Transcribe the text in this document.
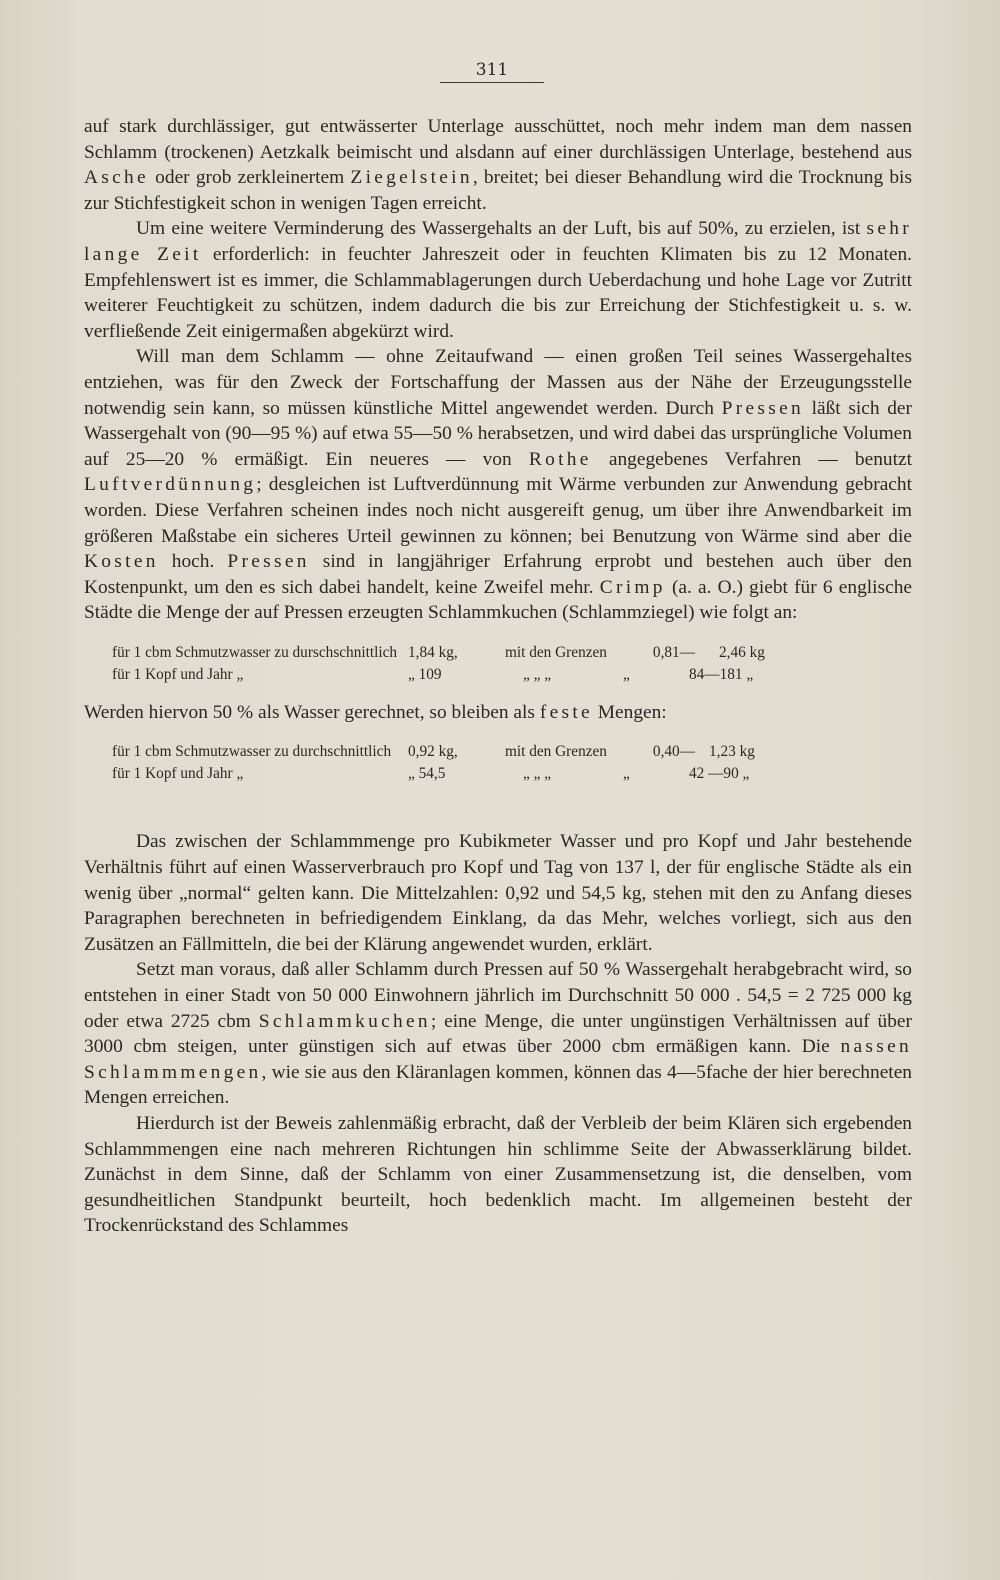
311

auf stark durchlässiger, gut entwässerter Unterlage ausschüttet, noch mehr indem man dem nassen Schlamm (trockenen) Aetzkalk beimischt und alsdann auf einer durchlässigen Unterlage, bestehend aus Asche oder grob zerkleinertem Ziegelstein, breitet; bei dieser Behandlung wird die Trocknung bis zur Stichfestigkeit schon in wenigen Tagen erreicht.

Um eine weitere Verminderung des Wassergehalts an der Luft, bis auf 50%, zu erzielen, ist sehr lange Zeit erforderlich: in feuchter Jahreszeit oder in feuchten Klimaten bis zu 12 Monaten. Empfehlenswert ist es immer, die Schlammablagerungen durch Ueberdachung und hohe Lage vor Zutritt weiterer Feuchtigkeit zu schützen, indem dadurch die bis zur Erreichung der Stichfestigkeit u. s. w. verfließende Zeit einigermaßen abgekürzt wird.

Will man dem Schlamm — ohne Zeitaufwand — einen großen Teil seines Wassergehaltes entziehen, was für den Zweck der Fortschaffung der Massen aus der Nähe der Erzeugungsstelle notwendig sein kann, so müssen künstliche Mittel angewendet werden. Durch Pressen läßt sich der Wassergehalt von (90—95 %) auf etwa 55—50 % herabsetzen, und wird dabei das ursprüngliche Volumen auf 25—20 % ermäßigt. Ein neueres — von Rothe angegebenes Verfahren — benutzt Luftverdünnung; desgleichen ist Luftverdünnung mit Wärme verbunden zur Anwendung gebracht worden. Diese Verfahren scheinen indes noch nicht ausgereift genug, um über ihre Anwendbarkeit im größeren Maßstabe ein sicheres Urteil gewinnen zu können; bei Benutzung von Wärme sind aber die Kosten hoch. Pressen sind in langjähriger Erfahrung erprobt und bestehen auch über den Kostenpunkt, um den es sich dabei handelt, keine Zweifel mehr. Crimp (a. a. O.) giebt für 6 englische Städte die Menge der auf Pressen erzeugten Schlammkuchen (Schlammziegel) wie folgt an:

für 1 cbm Schmutzwasser zu durschschnittlich 1,84 kg,	mit den Grenzen	0,81—	2,46 kg
für 1 Kopf und Jahr „	„ 109	„ „ „	„	84—181 „

Werden hiervon 50 % als Wasser gerechnet, so bleiben als feste Mengen:

für 1 cbm Schmutzwasser zu durchschnittlich	0,92 kg,	mit den Grenzen	0,40— 1,23 kg
für 1 Kopf und Jahr „	„ 54,5	„ „ „	„	42 —90 „

Das zwischen der Schlammmenge pro Kubikmeter Wasser und pro Kopf und Jahr bestehende Verhältnis führt auf einen Wasserverbrauch pro Kopf und Tag von 137 l, der für englische Städte als ein wenig über „normal“ gelten kann. Die Mittelzahlen: 0,92 und 54,5 kg, stehen mit den zu Anfang dieses Paragraphen berechneten in befriedigendem Einklang, da das Mehr, welches vorliegt, sich aus den Zusätzen an Fällmitteln, die bei der Klärung angewendet wurden, erklärt.

Setzt man voraus, daß aller Schlamm durch Pressen auf 50 % Wassergehalt herabgebracht wird, so entstehen in einer Stadt von 50 000 Einwohnern jährlich im Durchschnitt 50 000 . 54,5 = 2 725 000 kg oder etwa 2725 cbm Schlammkuchen; eine Menge, die unter ungünstigen Verhältnissen auf über 3000 cbm steigen, unter günstigen sich auf etwas über 2000 cbm ermäßigen kann. Die nassen Schlammmengen, wie sie aus den Kläranlagen kommen, können das 4—5fache der hier berechneten Mengen erreichen.

Hierdurch ist der Beweis zahlenmäßig erbracht, daß der Verbleib der beim Klären sich ergebenden Schlammmengen eine nach mehreren Richtungen hin schlimme Seite der Abwasserklärung bildet. Zunächst in dem Sinne, daß der Schlamm von einer Zusammensetzung ist, die denselben, vom gesundheitlichen Standpunkt beurteilt, hoch bedenklich macht. Im allgemeinen besteht der Trockenrückstand des Schlammes
